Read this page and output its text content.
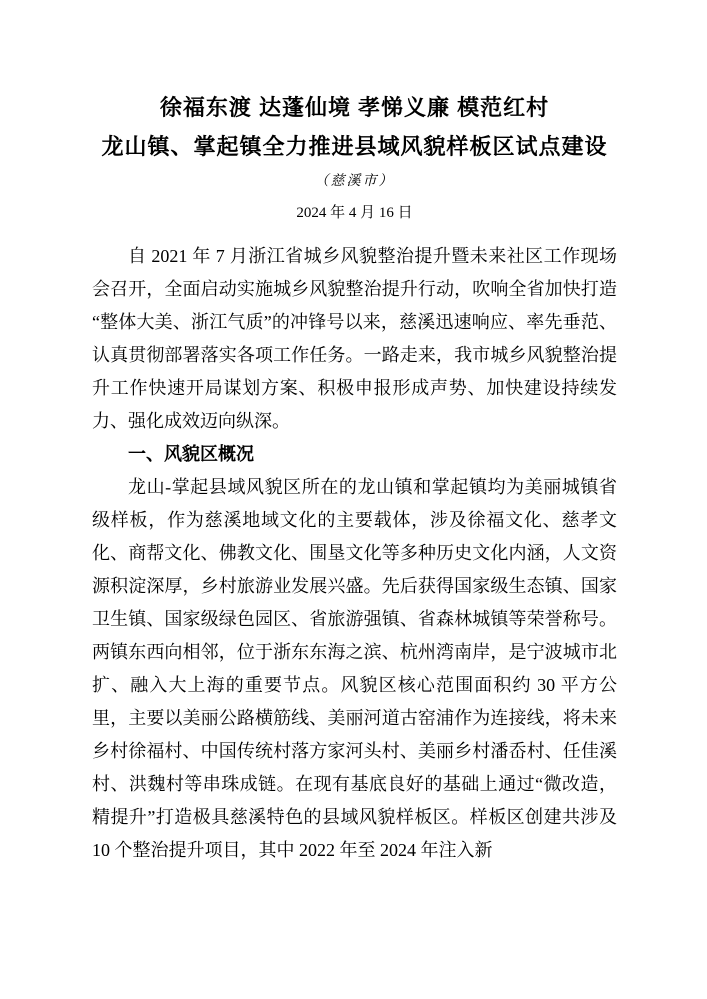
徐福东渡 达蓬仙境 孝悌义廉 模范红村
龙山镇、掌起镇全力推进县域风貌样板区试点建设
（慈溪市）
2024 年 4 月 16 日

自 2021 年 7 月浙江省城乡风貌整治提升暨未来社区工作现场会召开，全面启动实施城乡风貌整治提升行动，吹响全省加快打造“整体大美、浙江气质”的冲锋号以来，慈溪迅速响应、率先垂范、认真贯彻部署落实各项工作任务。一路走来，我市城乡风貌整治提升工作快速开局谋划方案、积极申报形成声势、加快建设持续发力、强化成效迈向纵深。

一、风貌区概况

龙山-掌起县域风貌区所在的龙山镇和掌起镇均为美丽城镇省级样板，作为慈溪地域文化的主要载体，涉及徐福文化、慈孝文化、商帮文化、佛教文化、围垦文化等多种历史文化内涵，人文资源积淀深厚，乡村旅游业发展兴盛。先后获得国家级生态镇、国家卫生镇、国家级绿色园区、省旅游强镇、省森林城镇等荣誉称号。两镇东西向相邻，位于浙东东海之滨、杭州湾南岸，是宁波城市北扩、融入大上海的重要节点。风貌区核心范围面积约 30 平方公里，主要以美丽公路横筋线、美丽河道古窑浦作为连接线，将未来乡村徐福村、中国传统村落方家河头村、美丽乡村潘岙村、任佳溪村、洪魏村等串珠成链。在现有基底良好的基础上通过“微改造，精提升”打造极具慈溪特色的县域风貌样板区。样板区创建共涉及 10 个整治提升项目，其中 2022 年至 2024 年注入新
